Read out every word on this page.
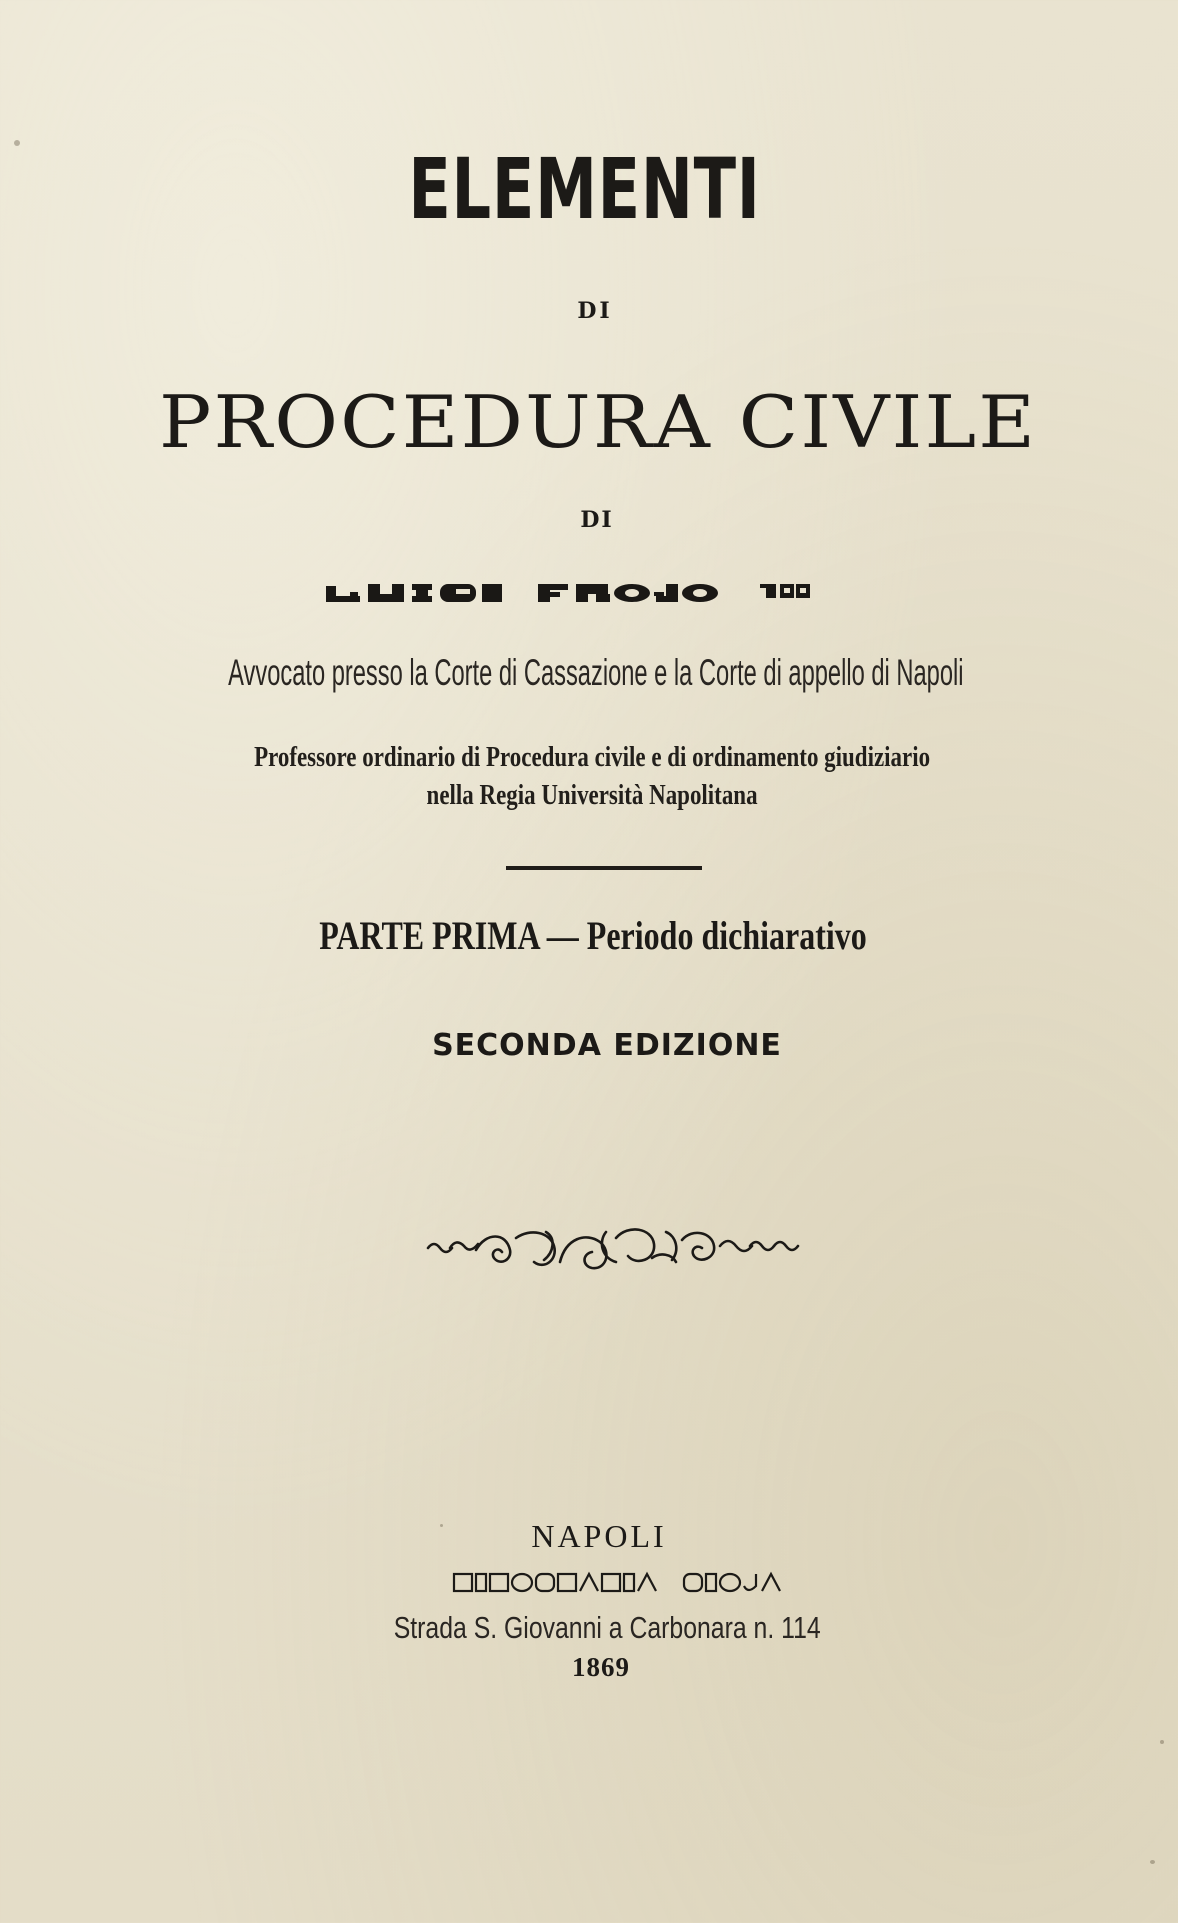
ELEMENTI
DI
PROCEDURA CIVILE
DI
Avvocato presso la Corte di Cassazione e la Corte di appello di Napoli
Professore ordinario di Procedura civile e di ordinamento giudiziario
nella Regia Università Napolitana
PARTE PRIMA — Periodo dichiarativo
SECONDA EDIZIONE
NAPOLI
Strada S. Giovanni a Carbonara n. 114
1869
